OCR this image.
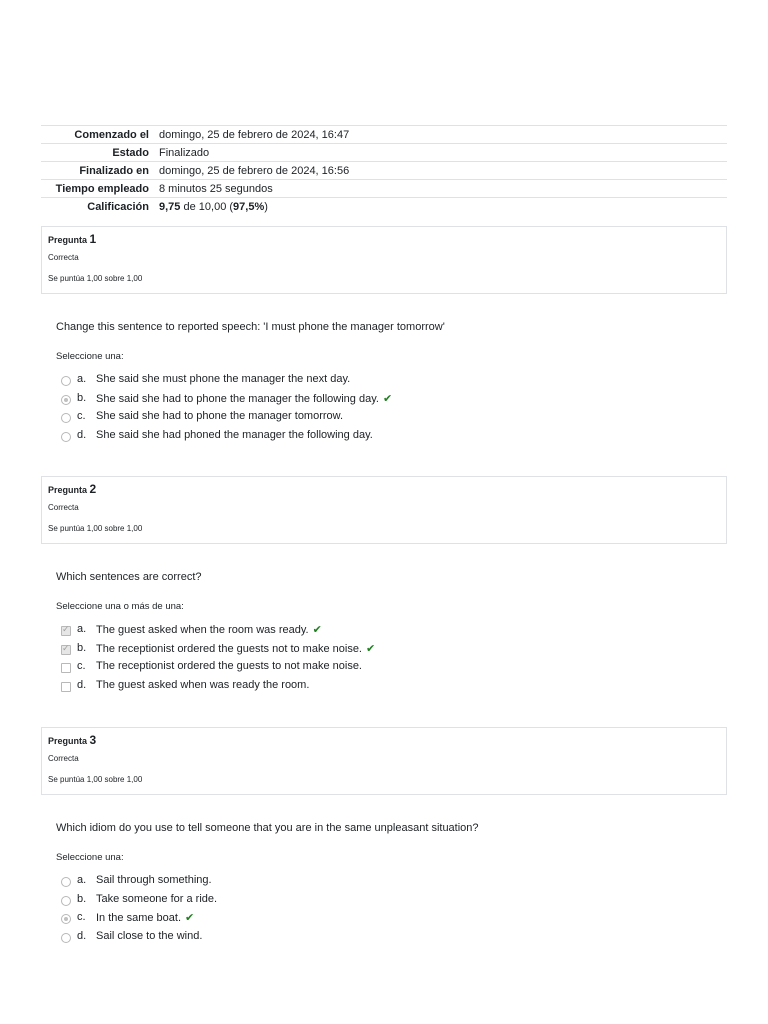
Comenzado el	domingo, 25 de febrero de 2024, 16:47
Estado	Finalizado
Finalizado en	domingo, 25 de febrero de 2024, 16:56
Tiempo empleado	8 minutos 25 segundos
Calificación	9,75 de 10,00 (97,5%)
Pregunta 1
Correcta
Se puntúa 1,00 sobre 1,00
Change this sentence to reported speech: 'I must phone the manager tomorrow'
Seleccione una:
a. She said she must phone the manager the next day.
b. She said she had to phone the manager the following day. ✔
c. She said she had to phone the manager tomorrow.
d. She said she had phoned the manager the following day.
Pregunta 2
Correcta
Se puntúa 1,00 sobre 1,00
Which sentences are correct?
Seleccione una o más de una:
✓
a. The guest asked when the room was ready. ✔
✓
b. The receptionist ordered the guests not to make noise. ✔
c. The receptionist ordered the guests to not make noise.
d. The guest asked when was ready the room.
Pregunta 3
Correcta
Se puntúa 1,00 sobre 1,00
Which idiom do you use to tell someone that you are in the same unpleasant situation?
Seleccione una:
a. Sail through something.
b. Take someone for a ride.
c. In the same boat. ✔
d. Sail close to the wind.
